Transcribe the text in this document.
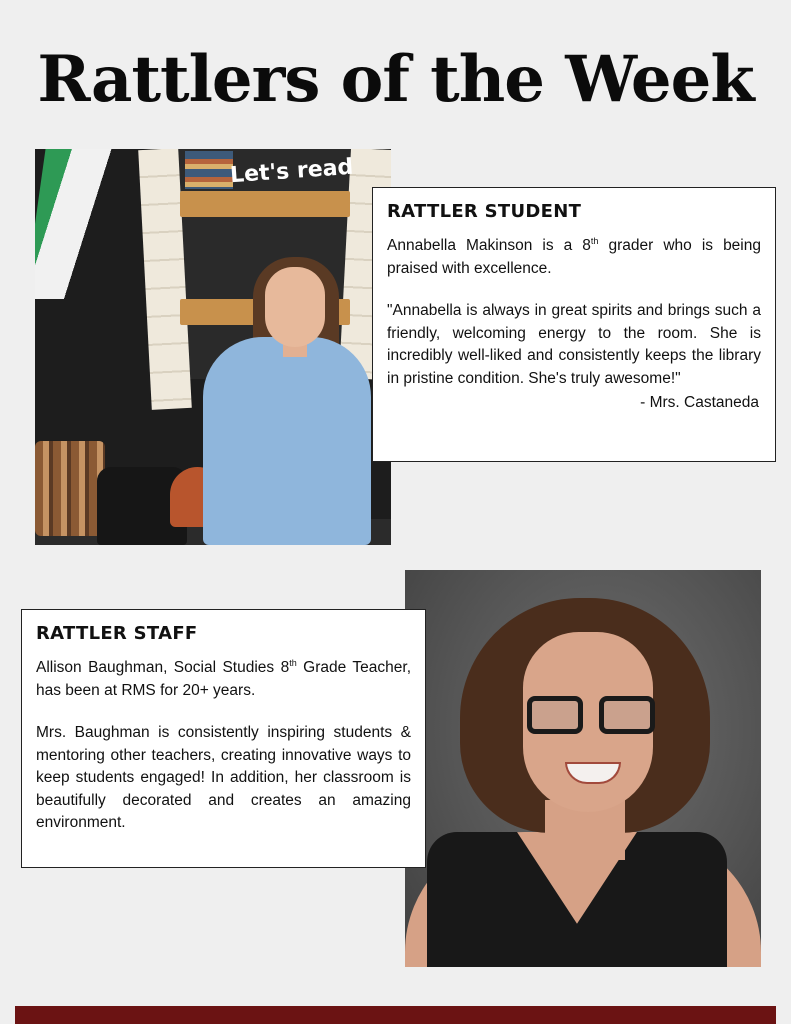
Rattlers of the Week
Let's read
RATTLER STUDENT

Annabella Makinson is a 8th grader who is being praised with excellence.

"Annabella is always in great spirits and brings such a friendly, welcoming energy to the room. She is incredibly well-liked and consistently keeps the library in pristine condition. She's truly awesome!"

- Mrs. Castaneda
RATTLER STAFF

Allison Baughman, Social Studies 8th Grade Teacher, has been at RMS for 20+ years.

Mrs. Baughman is consistently inspiring students & mentoring other teachers, creating innovative ways to keep students engaged! In addition, her classroom is beautifully decorated and creates an amazing environment.
